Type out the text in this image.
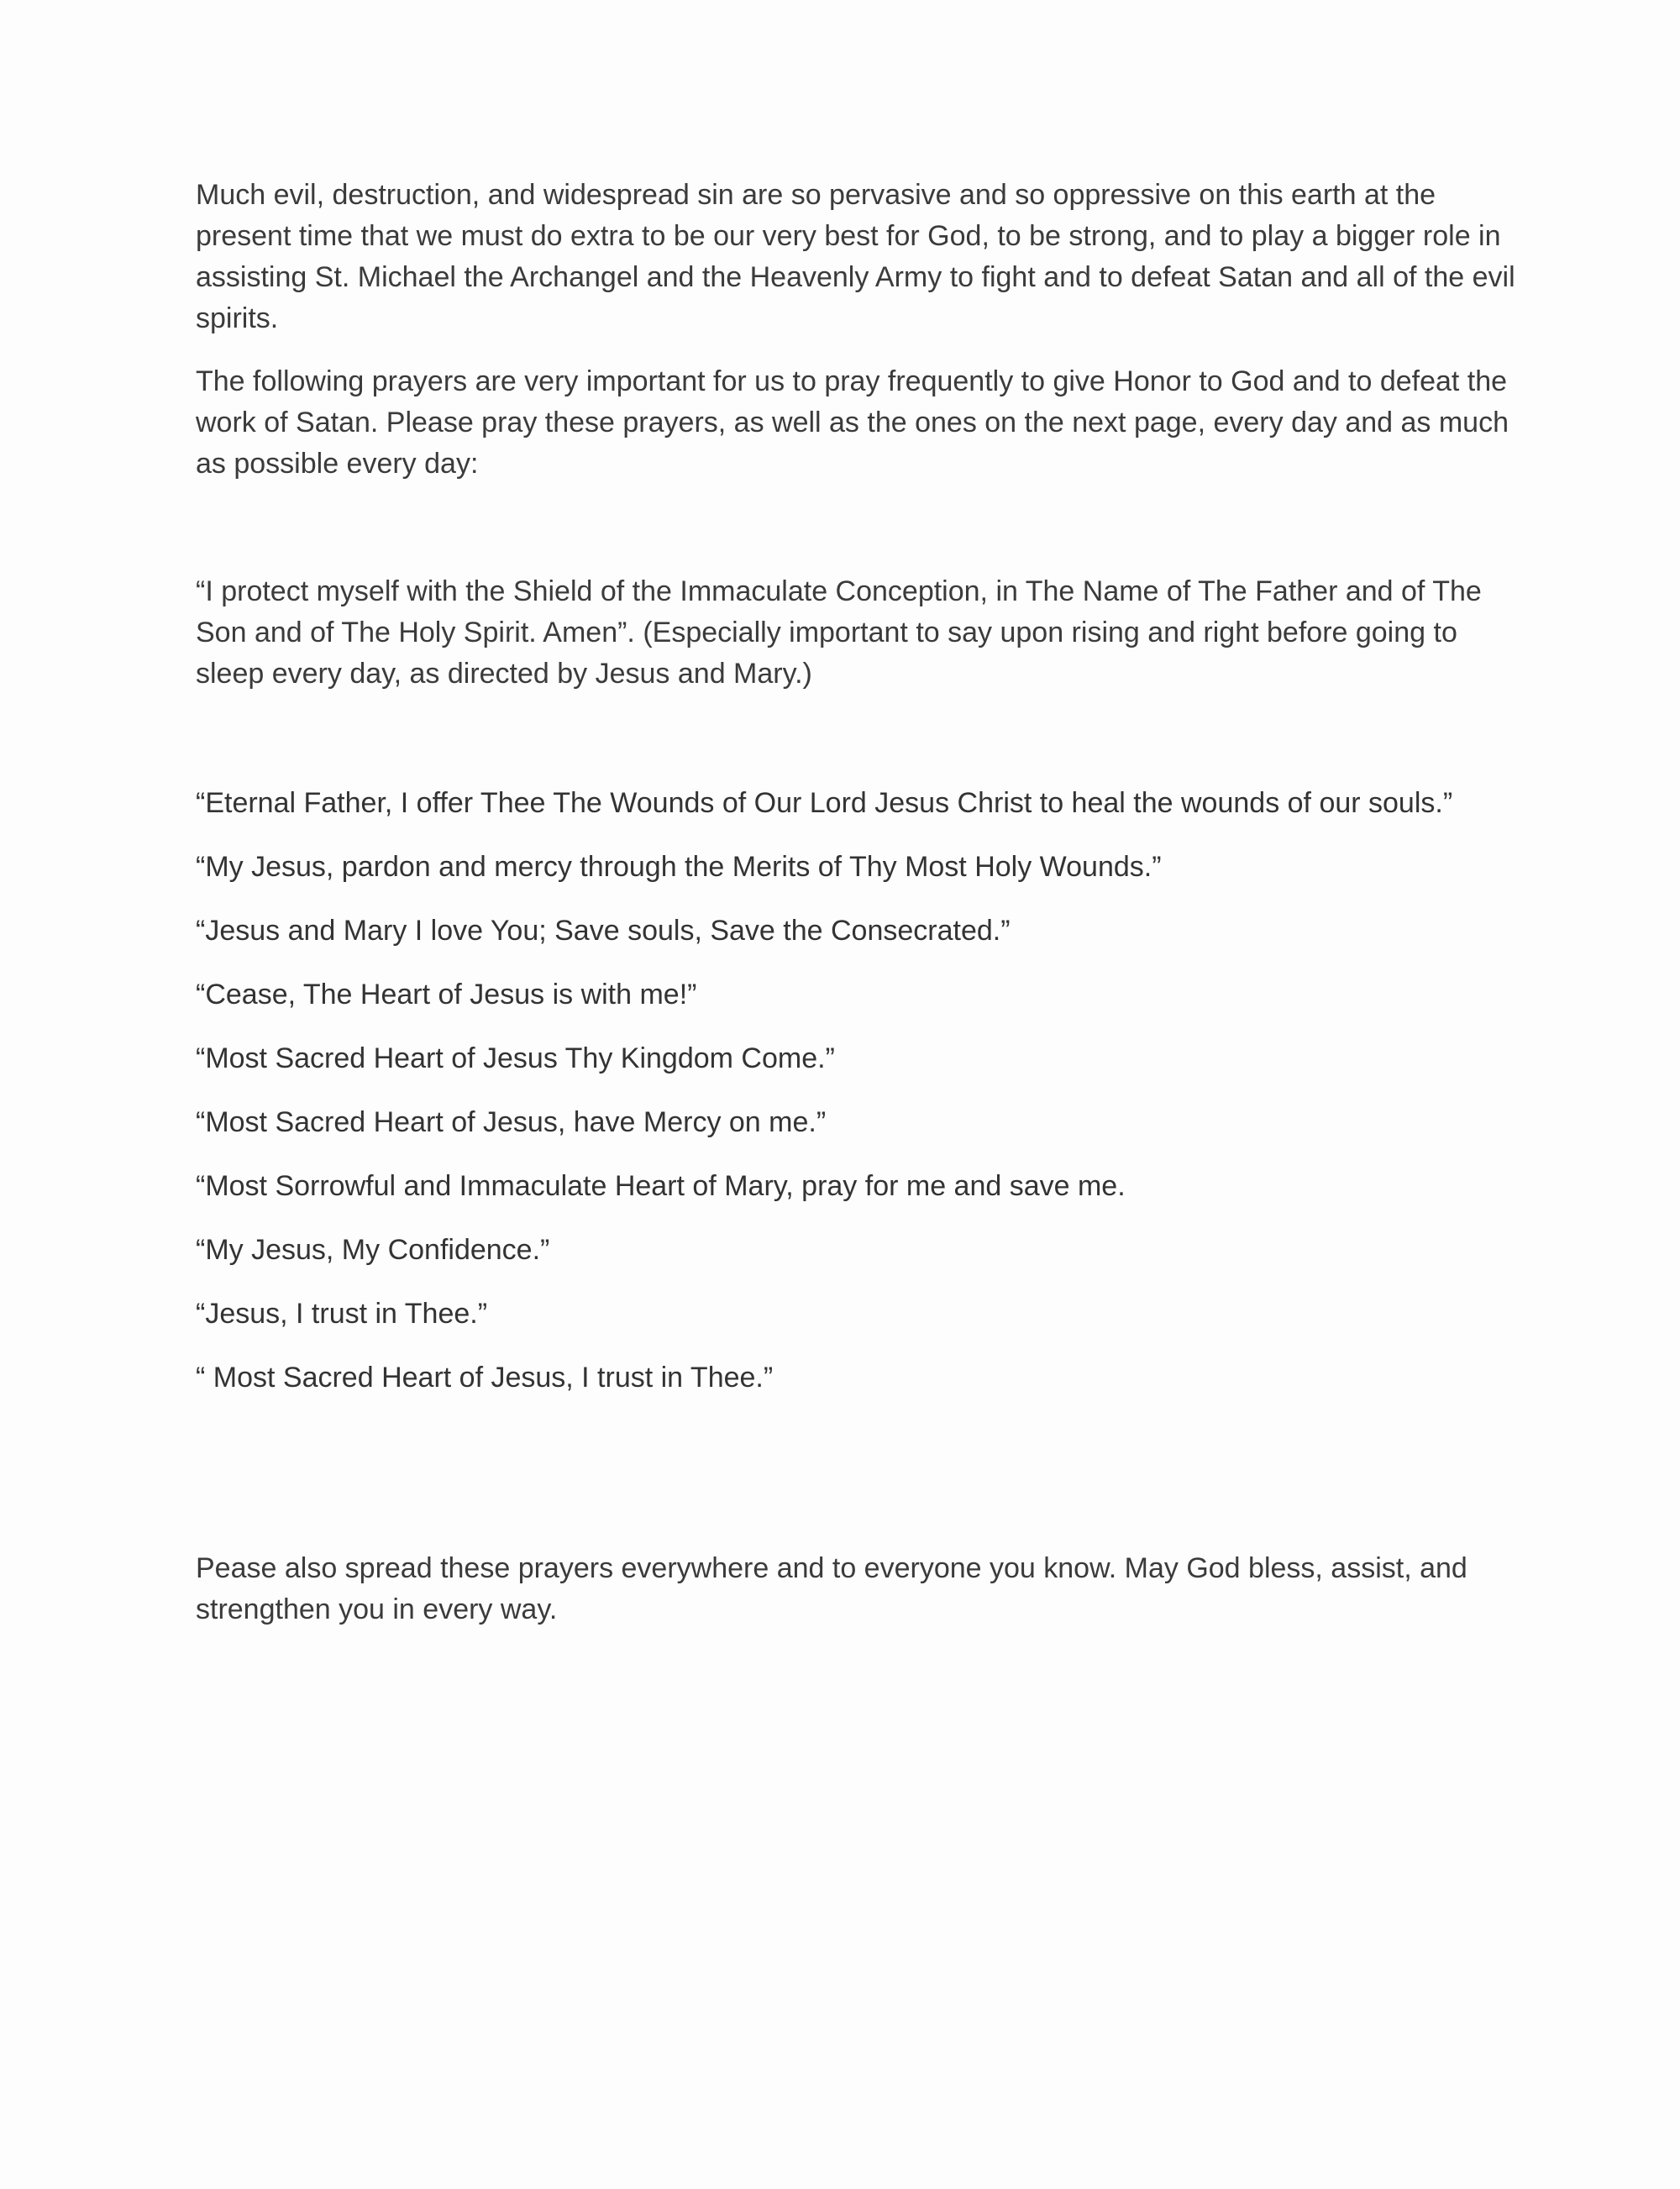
Much evil, destruction, and widespread sin are so pervasive and so oppressive on this earth at the present time that we must do extra to be our very best for God, to be strong, and to play a bigger role in assisting St. Michael the Archangel and the Heavenly Army to fight and to defeat Satan and all of the evil spirits.

The following prayers are very important for us to pray frequently to give Honor to God and to defeat the work of Satan. Please pray these prayers, as well as the ones on the next page, every day and as much as possible every day:

“I protect myself with the Shield of the Immaculate Conception, in The Name of The Father and of The Son and of The Holy Spirit. Amen”. (Especially important to say upon rising and right before going to sleep every day, as directed by Jesus and Mary.)

“Eternal Father, I offer Thee The Wounds of Our Lord Jesus Christ to heal the wounds of our souls.”

“My Jesus, pardon and mercy through the Merits of Thy Most Holy Wounds.”

“Jesus and Mary I love You; Save souls, Save the Consecrated.”

“Cease, The Heart of Jesus is with me!”

“Most Sacred Heart of Jesus Thy Kingdom Come.”

“Most Sacred Heart of Jesus, have Mercy on me.”

“Most Sorrowful and Immaculate Heart of Mary, pray for me and save me.

“My Jesus, My Confidence.”

“Jesus, I trust in Thee.”

“ Most Sacred Heart of Jesus, I trust in Thee.”

Pease also spread these prayers everywhere and to everyone you know. May God bless, assist, and strengthen you in every way.
